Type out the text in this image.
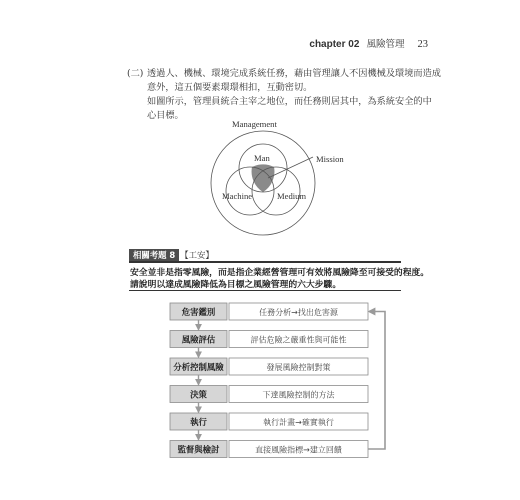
chapter 02 風險管理 23
(二) 透過人、機械、環境完成系統任務，藉由管理讓人不因機械及環境而造成
意外，這五個要素環環相扣，互動密切。
如圖所示，管理員統合主宰之地位，而任務則居其中，為系統安全的中
心目標。
Management
Man
Machine	Medium
Mission
相關考題 8 【工安】
安全並非是指零風險，而是指企業經營管理可有效將風險降至可接受的程度。
請說明以達成風險降低為目標之風險管理的六大步驟。
危害鑑別	任務分析→找出危害源
風險評估	評估危險之嚴重性與可能性
分析控制風險	發展風險控制對策
決策	下達風險控制的方法
執行	執行計畫→確實執行
監督與檢討	直接風險指標→建立回饋
